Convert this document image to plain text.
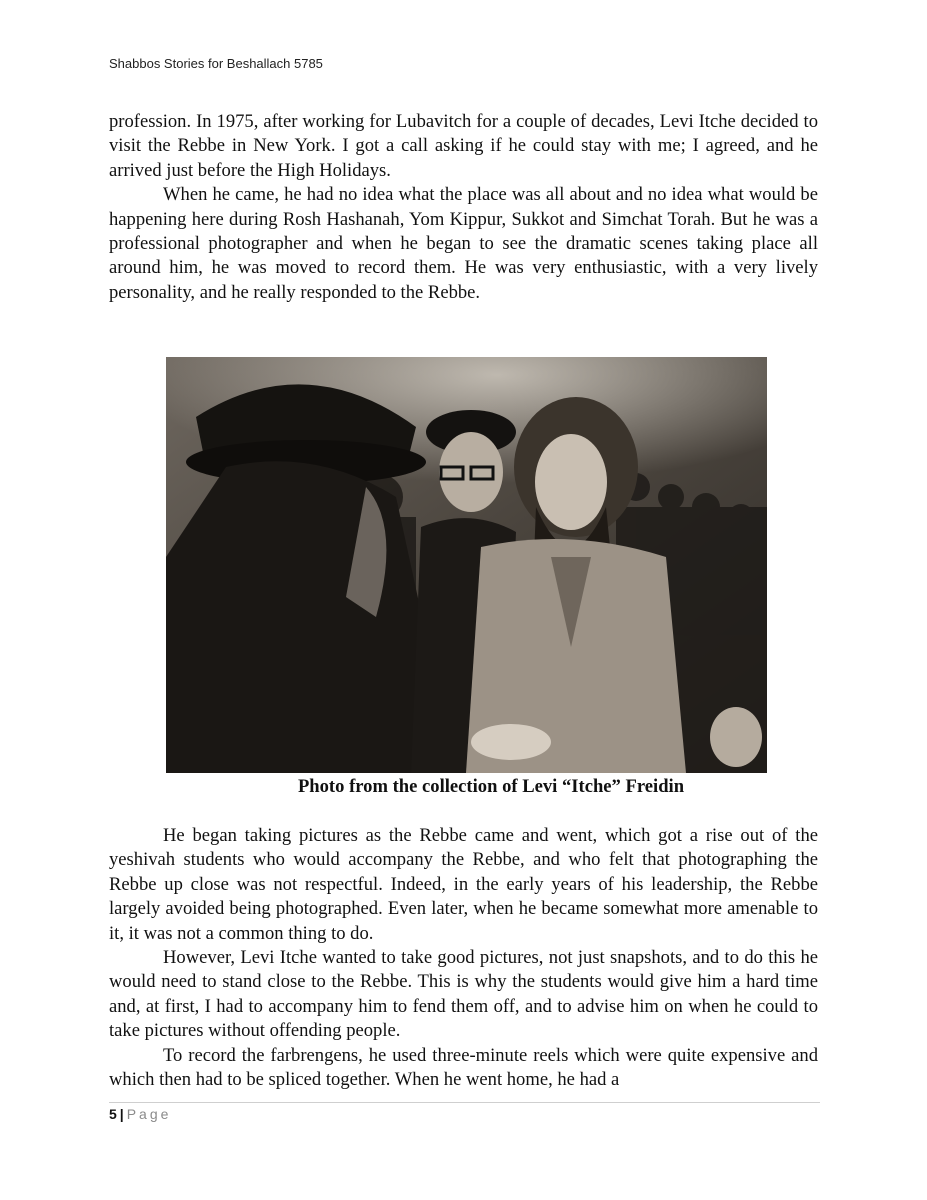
Shabbos Stories for Beshallach 5785

profession. In 1975, after working for Lubavitch for a couple of decades, Levi Itche decided to visit the Rebbe in New York. I got a call asking if he could stay with me; I agreed, and he arrived just before the High Holidays.

When he came, he had no idea what the place was all about and no idea what would be happening here during Rosh Hashanah, Yom Kippur, Sukkot and Simchat Torah. But he was a professional photographer and when he began to see the dramatic scenes taking place all around him, he was moved to record them. He was very enthusiastic, with a very lively personality, and he really responded to the Rebbe.

Photo from the collection of Levi “Itche” Freidin

He began taking pictures as the Rebbe came and went, which got a rise out of the yeshivah students who would accompany the Rebbe, and who felt that photographing the Rebbe up close was not respectful. Indeed, in the early years of his leadership, the Rebbe largely avoided being photographed. Even later, when he became somewhat more amenable to it, it was not a common thing to do.

However, Levi Itche wanted to take good pictures, not just snapshots, and to do this he would need to stand close to the Rebbe. This is why the students would give him a hard time and, at first, I had to accompany him to fend them off, and to advise him on when he could to take pictures without offending people.

To record the farbrengens, he used three-minute reels which were quite expensive and which then had to be spliced together. When he went home, he had a

5 | Page
